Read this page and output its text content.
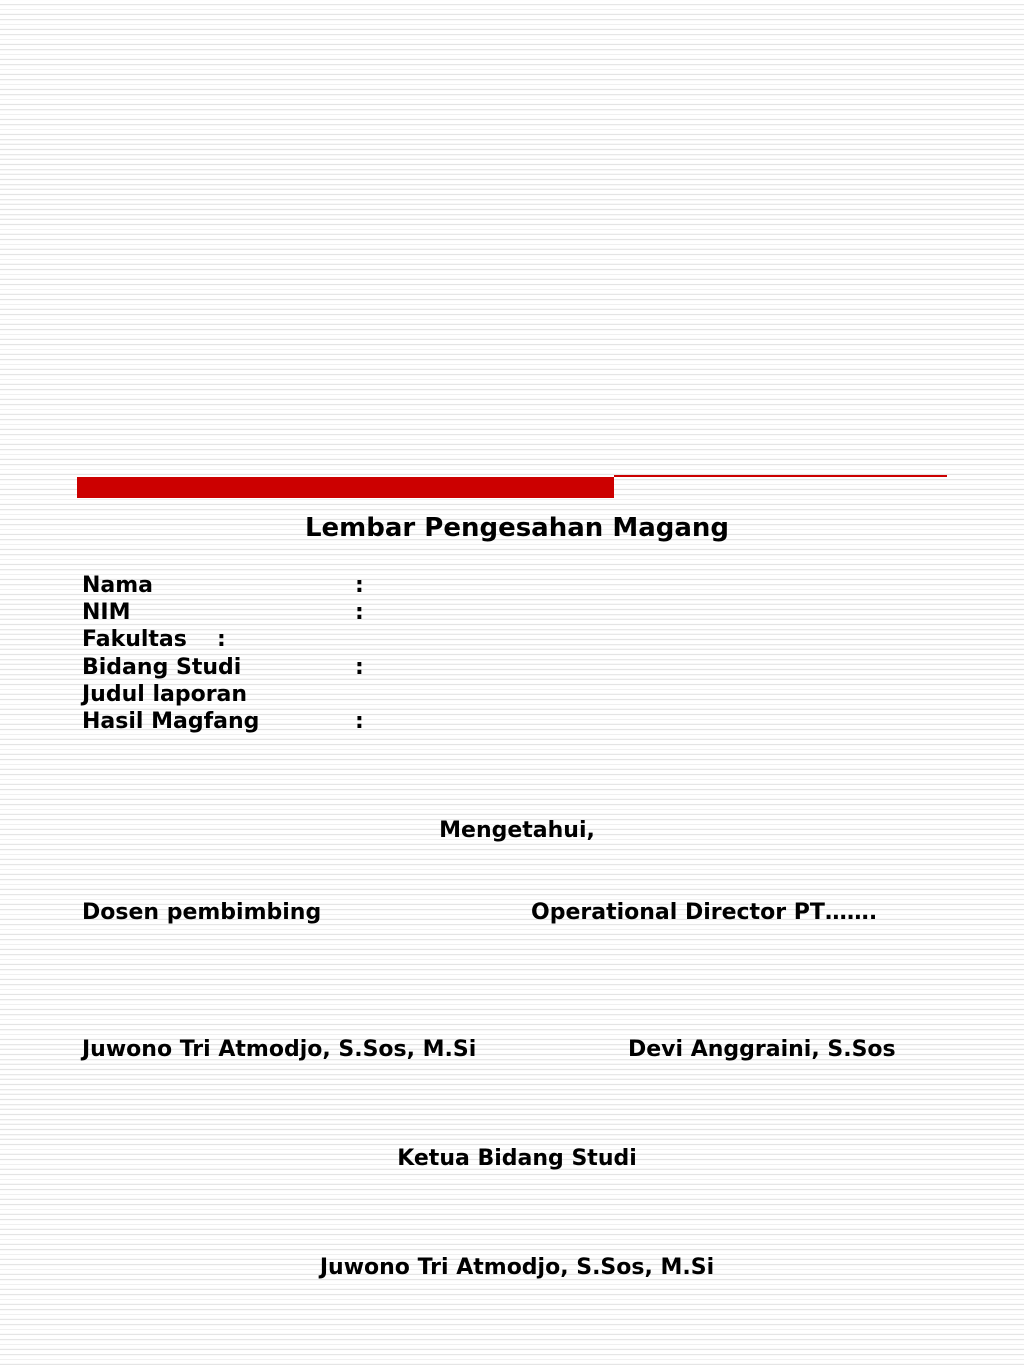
Lembar Pengesahan Magang
Nama	:
NIM	:
Fakultas :
Bidang Studi	:
Judul laporan
Hasil Magfang	:
Mengetahui,
Dosen pembimbing	Operational Director PT…….
Juwono Tri Atmodjo, S.Sos, M.Si	Devi Anggraini, S.Sos
Ketua Bidang Studi
Juwono Tri Atmodjo, S.Sos, M.Si
